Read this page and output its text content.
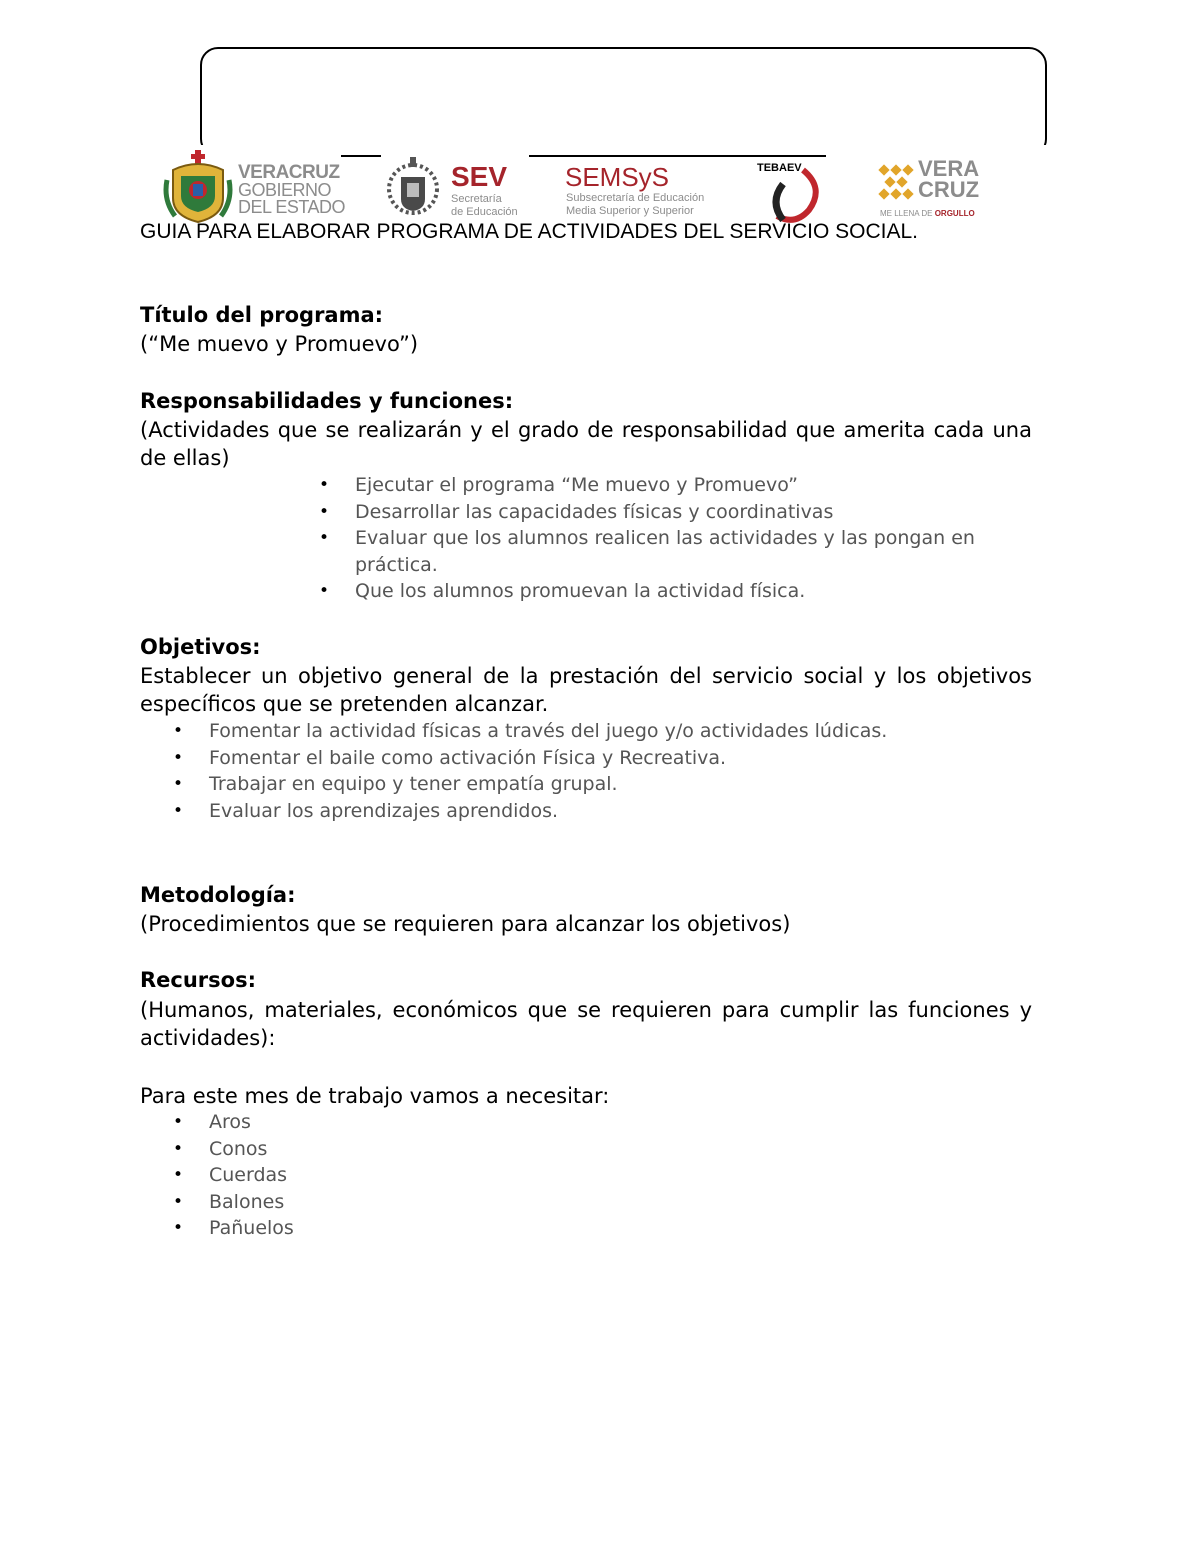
VERACRUZ
GOBIERNO
DEL ESTADO
SEV
Secretaría
de Educación
SEMSyS
Subsecretaría de Educación
Media Superior y Superior
TEBAEV	VERA
CRUZ
ME LLENA DE ORGULLO
GUIA PARA ELABORAR PROGRAMA DE ACTIVIDADES DEL SERVICIO SOCIAL.
Título del programa:
(“Me muevo y Promuevo”)
Responsabilidades y funciones:
(Actividades que se realizarán y el grado de responsabilidad que amerita cada una de ellas)
• Ejecutar el programa “Me muevo y Promuevo”
• Desarrollar las capacidades físicas y coordinativas
• Evaluar que los alumnos realicen las actividades y las pongan en práctica.
• Que los alumnos promuevan la actividad física.
Objetivos:
Establecer un objetivo general de la prestación del servicio social y los objetivos específicos que se pretenden alcanzar.
• Fomentar la actividad físicas a través del juego y/o actividades lúdicas.
• Fomentar el baile como activación Física y Recreativa.
• Trabajar en equipo y tener empatía grupal.
• Evaluar los aprendizajes aprendidos.
Metodología:
(Procedimientos que se requieren para alcanzar los objetivos)
Recursos:
(Humanos, materiales, económicos que se requieren para cumplir las funciones y actividades):
Para este mes de trabajo vamos a necesitar:
• Aros
• Conos
• Cuerdas
• Balones
• Pañuelos
